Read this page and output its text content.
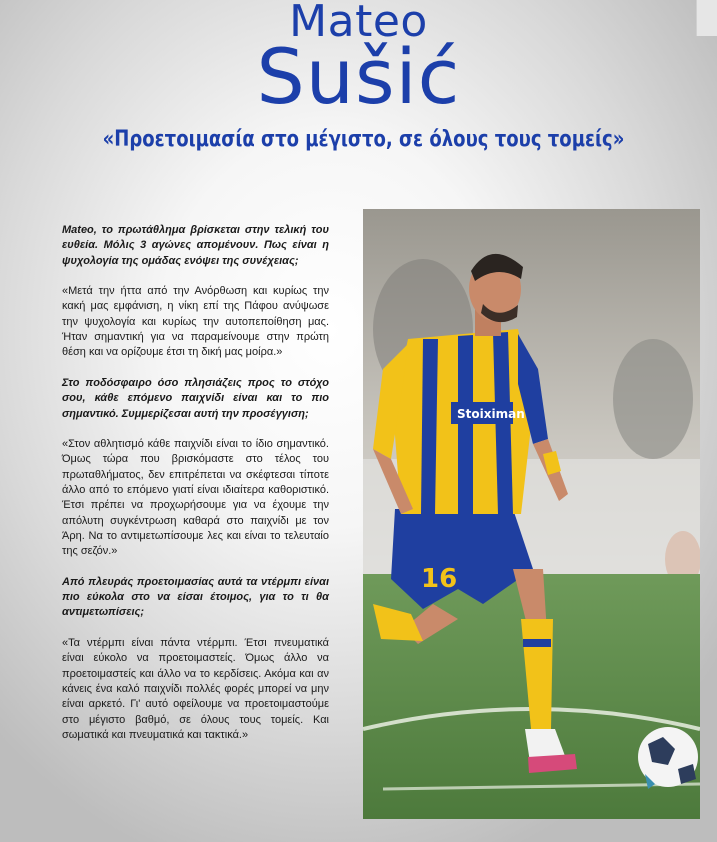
Mateo
Sušić
«Προετοιμασία στο μέγιστο, σε όλους τους τομείς»

Mateo, το πρωτάθλημα βρίσκεται στην τελική του ευθεία. Μόλις 3 αγώνες απομένουν. Πως είναι η ψυχολογία της ομάδας ενόψει της συνέχειας;

«Μετά την ήττα από την Ανόρθωση και κυρίως την κακή μας εμφάνιση, η νίκη επί της Πάφου ανύψωσε την ψυχολογία και κυρίως την αυτοπεποίθηση μας. Ήταν σημαντική για να παραμείνουμε στην πρώτη θέση και να ορίζουμε έτσι τη δική μας μοίρα.»

Στο ποδόσφαιρο όσο πλησιάζεις προς το στόχο σου, κάθε επόμενο παιχνίδι είναι και το πιο σημαντικό. Συμμερίζεσαι αυτή την προσέγγιση;

«Στον αθλητισμό κάθε παιχνίδι είναι το ίδιο σημαντικό. Όμως τώρα που βρισκόμαστε στο τέλος του πρωταθλήματος, δεν επιτρέπεται να σκέφτεσαι τίποτε άλλο από το επόμενο γιατί είναι ιδιαίτερα καθοριστικό. Έτσι πρέπει να προχωρήσουμε για να έχουμε την απόλυτη συγκέντρωση καθαρά στο παιχνίδι με τον Άρη. Να το αντιμετωπίσουμε λες και είναι το τελευταίο της σεζόν.»

Από πλευράς προετοιμασίας αυτά τα ντέρμπι είναι πιο εύκολα στο να είσαι έτοιμος, για το τι θα αντιμετωπίσεις;

«Τα ντέρμπι είναι πάντα ντέρμπι. Έτσι πνευματικά είναι εύκολο να προετοιμαστείς. Όμως άλλο να προετοιμαστείς και άλλο να το κερδίσεις. Ακόμα και αν κάνεις ένα καλό παιχνίδι πολλές φορές μπορεί να μην είναι αρκετό. Γι' αυτό οφείλουμε να προετοιμαστούμε στο μέγιστο βαθμό, σε όλους τους τομείς. Και σωματικά και πνευματικά και τακτικά.»

16
Stoiximan
